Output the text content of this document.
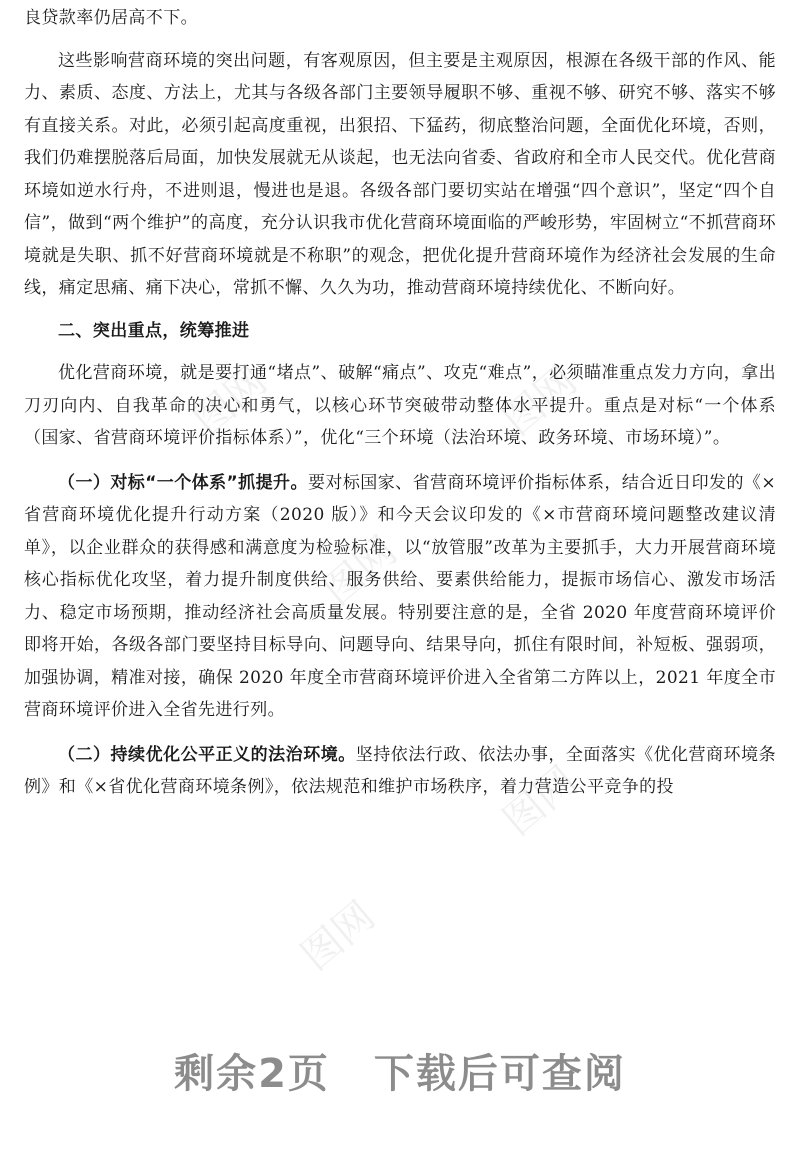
图网	图网
图网
图网
图网

良贷款率仍居高不下。

这些影响营商环境的突出问题，有客观原因，但主要是主观原因，根源在各级干部的作风、能力、素质、态度、方法上，尤其与各级各部门主要领导履职不够、重视不够、研究不够、落实不够有直接关系。对此，必须引起高度重视，出狠招、下猛药，彻底整治问题，全面优化环境，否则，我们仍难摆脱落后局面，加快发展就无从谈起，也无法向省委、省政府和全市人民交代。优化营商环境如逆水行舟，不进则退，慢进也是退。各级各部门要切实站在增强“四个意识”，坚定“四个自信”，做到“两个维护”的高度，充分认识我市优化营商环境面临的严峻形势，牢固树立“不抓营商环境就是失职、抓不好营商环境就是不称职”的观念，把优化提升营商环境作为经济社会发展的生命线，痛定思痛、痛下决心，常抓不懈、久久为功，推动营商环境持续优化、不断向好。

二、突出重点，统筹推进

优化营商环境，就是要打通“堵点”、破解“痛点”、攻克“难点”，必须瞄准重点发力方向，拿出刀刃向内、自我革命的决心和勇气，以核心环节突破带动整体水平提升。重点是对标“一个体系（国家、省营商环境评价指标体系）”，优化“三个环境（法治环境、政务环境、市场环境）”。

（一）对标“一个体系”抓提升。要对标国家、省营商环境评价指标体系，结合近日印发的《×省营商环境优化提升行动方案（2020 版）》和今天会议印发的《×市营商环境问题整改建议清单》，以企业群众的获得感和满意度为检验标准，以“放管服”改革为主要抓手，大力开展营商环境核心指标优化攻坚，着力提升制度供给、服务供给、要素供给能力，提振市场信心、激发市场活力、稳定市场预期，推动经济社会高质量发展。特别要注意的是，全省 2020 年度营商环境评价即将开始，各级各部门要坚持目标导向、问题导向、结果导向，抓住有限时间，补短板、强弱项，加强协调，精准对接，确保 2020 年度全市营商环境评价进入全省第二方阵以上，2021 年度全市营商环境评价进入全省先进行列。

（二）持续优化公平正义的法治环境。坚持依法行政、依法办事，全面落实《优化营商环境条例》和《×省优化营商环境条例》，依法规范和维护市场秩序，着力营造公平竞争的投

剩余2页 下载后可查阅
